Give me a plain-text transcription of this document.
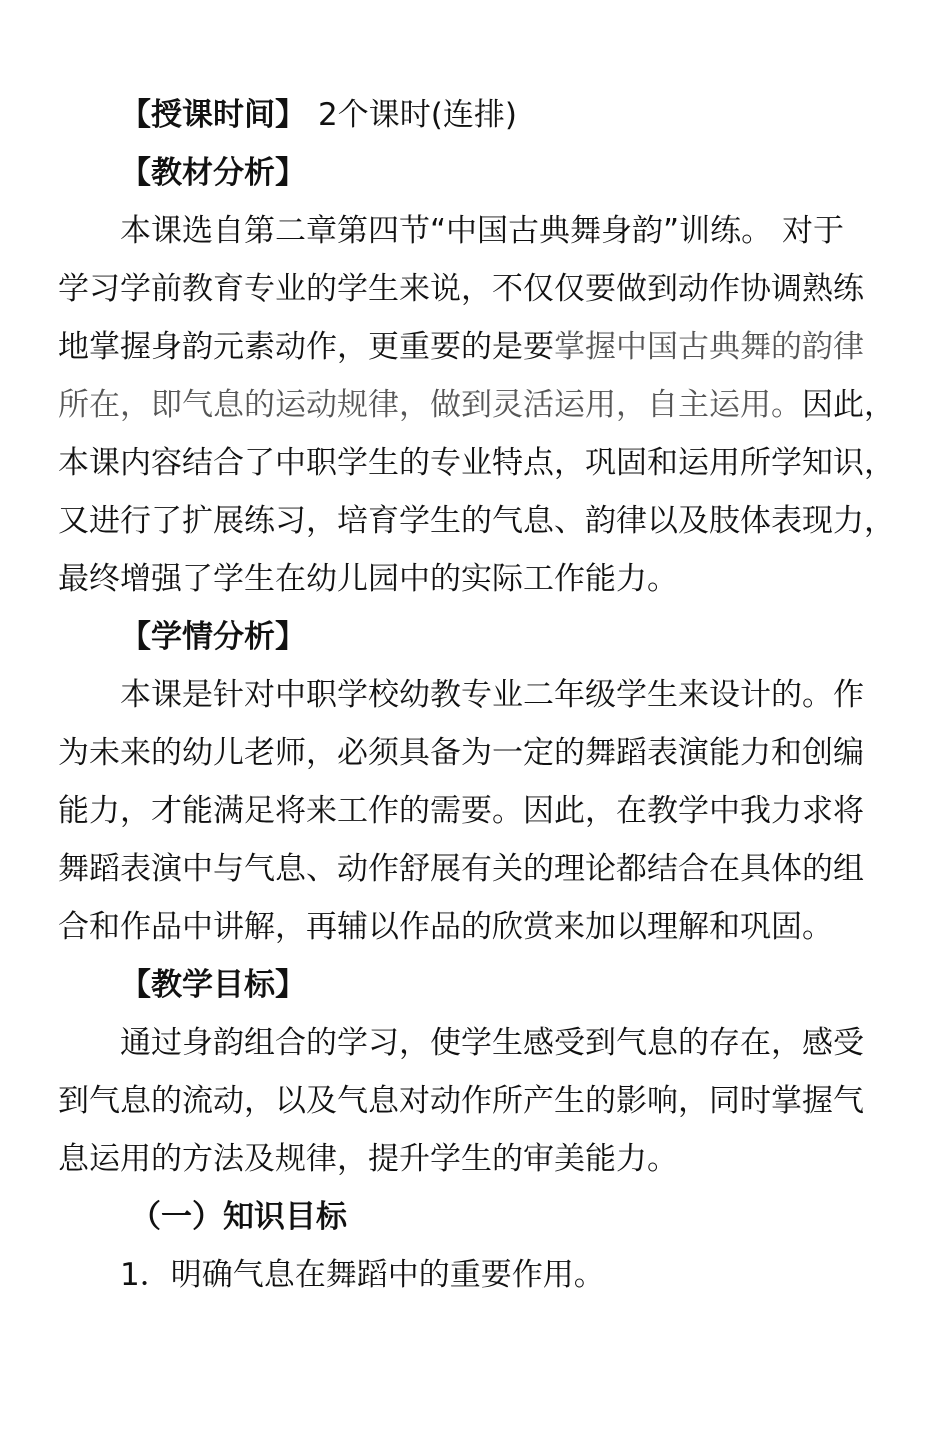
【授课时间】 2个课时(连排)
【教材分析】
本课选自第二章第四节“中国古典舞身韵”训练。 对于
学习学前教育专业的学生来说，不仅仅要做到动作协调熟练
地掌握身韵元素动作，更重要的是要掌握中国古典舞的韵律
所在，即气息的运动规律，做到灵活运用，自主运用。因此，
本课内容结合了中职学生的专业特点，巩固和运用所学知识，
又进行了扩展练习，培育学生的气息、韵律以及肢体表现力，
最终增强了学生在幼儿园中的实际工作能力。
【学情分析】
本课是针对中职学校幼教专业二年级学生来设计的。作
为未来的幼儿老师，必须具备为一定的舞蹈表演能力和创编
能力，才能满足将来工作的需要。因此，在教学中我力求将
舞蹈表演中与气息、动作舒展有关的理论都结合在具体的组
合和作品中讲解，再辅以作品的欣赏来加以理解和巩固。
【教学目标】
通过身韵组合的学习，使学生感受到气息的存在，感受
到气息的流动，以及气息对动作所产生的影响，同时掌握气
息运用的方法及规律，提升学生的审美能力。
（一）知识目标
1．明确气息在舞蹈中的重要作用。
